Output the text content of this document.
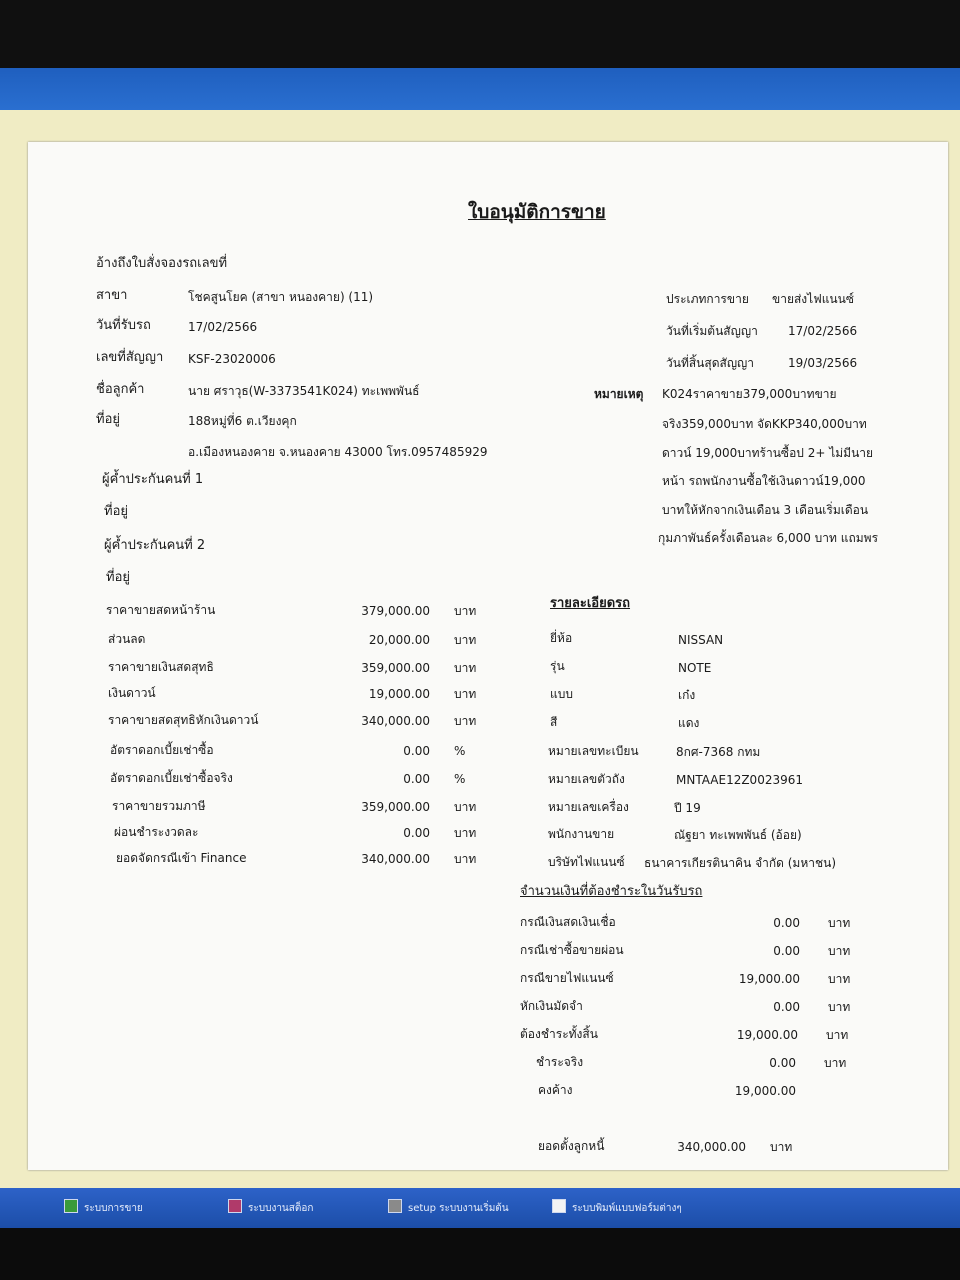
ใบอนุมัติการขาย
อ้างถึงใบสั่งจองรถเลขที่
สาขา	โชคสูนโยค (สาขา หนองคาย) (11)
วันที่รับรถ	17/02/2566
เลขที่สัญญา KSF-23020006
ชื่อลูกค้า	นาย ศราวุธ(W-3373541K024) ทะเพพพันธ์
ที่อยู่	188หมู่ที่6 ต.เวียงคุก
อ.เมืองหนองคาย จ.หนองคาย 43000 โทร.0957485929
ผู้ค้ำประกันคนที่ 1
ที่อยู่
ผู้ค้ำประกันคนที่ 2
ที่อยู่
ประเภทการขาย ขายส่งไฟแนนซ์
วันที่เริ่มต้นสัญญา	17/02/2566
วันที่สิ้นสุดสัญญา	19/03/2566
หมายเหตุ K024ราคาขาย379,000บาทขาย
จริง359,000บาท จัดKKP340,000บาท
ดาวน์ 19,000บาทร้านซื้อป 2+ ไม่มีนาย
หน้า รถพนักงานซื้อใช้เงินดาวน์19,000
บาทให้หักจากเงินเดือน 3 เดือนเริ่มเดือน
กุมภาพันธ์ครั้งเดือนละ 6,000 บาท แถมพร
ราคาขายสดหน้าร้าน	379,000.00 บาท
ส่วนลด	20,000.00 บาท
ราคาขายเงินสดสุทธิ	359,000.00 บาท
เงินดาวน์	19,000.00 บาท
ราคาขายสดสุทธิหักเงินดาวน์	340,000.00 บาท
อัตราดอกเบี้ยเช่าซื้อ	0.00 %
อัตราดอกเบี้ยเช่าซื้อจริง	0.00 %
ราคาขายรวมภาษี	359,000.00 บาท
ผ่อนชำระงวดละ	0.00 บาท
ยอดจัดกรณีเข้า Finance	340,000.00 บาท
รายละเอียดรถ
ยี่ห้อ	NISSAN
รุ่น	NOTE
แบบ	เก๋ง
สี	แดง
หมายเลขทะเบียน	8กศ-7368 กทม
หมายเลขตัวถัง	MNTAAE12Z0023961
หมายเลขเครื่อง	ปี 19
พนักงานขาย	ณัฐยา ทะเพพพันธ์ (อ้อย)
บริษัทไฟแนนซ์ ธนาคารเกียรตินาคิน จำกัด (มหาชน)
จำนวนเงินที่ต้องชำระในวันรับรถ
กรณีเงินสดเงินเชื่อ	0.00 บาท
กรณีเช่าซื้อขายผ่อน	0.00 บาท
กรณีขายไฟแนนซ์	19,000.00 บาท
หักเงินมัดจำ	0.00 บาท
ต้องชำระทั้งสิ้น	19,000.00 บาท
ชำระจริง	0.00 บาท
คงค้าง	19,000.00
ยอดตั้งลูกหนี้	340,000.00 บาท
ระบบการขาย	ระบบงานสต็อก	setup ระบบงานเริ่มต้น	ระบบพิมพ์แบบฟอร์มต่างๆ
